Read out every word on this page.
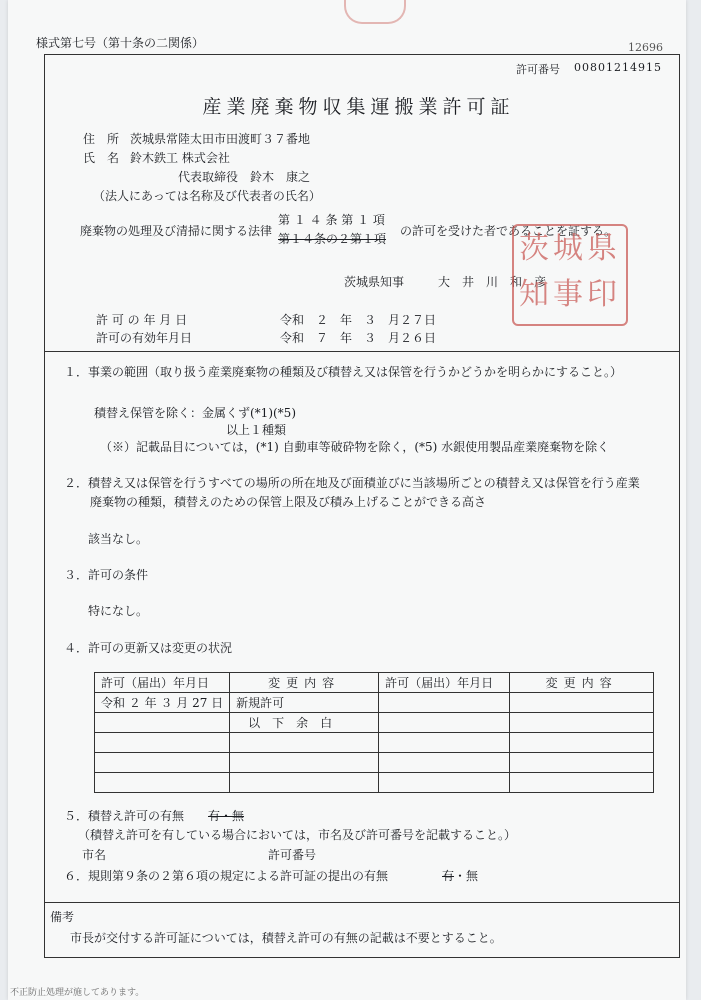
様式第七号（第十条の二関係）	12696
許可番号 00801214915
産業廃棄物収集運搬業許可証
住　所 茨城県常陸太田市田渡町３７番地
氏　名 鈴木鉄工 株式会社
代表取締役　鈴木　康之
（法人にあっては名称及び代表者の氏名）
廃棄物の処理及び清掃に関する法律
第 １ ４ 条 第 １ 項
第１４条の２第１項
の許可を受けた者であることを証する。
茨城県知事	大　井　川　和　彦
茨城県知事印
許 可 の 年 月 日	令和　２　年　３　月２７日
許可の有効年月日	令和　７　年　３　月２６日
１．事業の範囲（取り扱う産業廃棄物の種類及び積替え又は保管を行うかどうかを明らかにすること。）
積替え保管を除く：金属くず(*1)(*5)
以上１種類
（※）記載品目については，(*1) 自動車等破砕物を除く，(*5) 水銀使用製品産業廃棄物を除く
２．積替え又は保管を行うすべての場所の所在地及び面積並びに当該場所ごとの積替え又は保管を行う産業
廃棄物の種類，積替えのための保管上限及び積み上げることができる高さ
該当なし。
３．許可の条件
特になし。
４．許可の更新又は変更の状況
許可（届出）年月日	変更内容	許可（届出）年月日	変更内容
令和 ２ 年 ３ 月 27 日	新規許可		
	以　下　余　白		

５．積替え許可の有無 有・無
（積替え許可を有している場合においては，市名及び許可番号を記載すること。）
市名	許可番号
６．規則第９条の２第６項の規定による許可証の提出の有無	有・無
備考
市長が交付する許可証については，積替え許可の有無の記載は不要とすること。
不正防止処理が施してあります。
